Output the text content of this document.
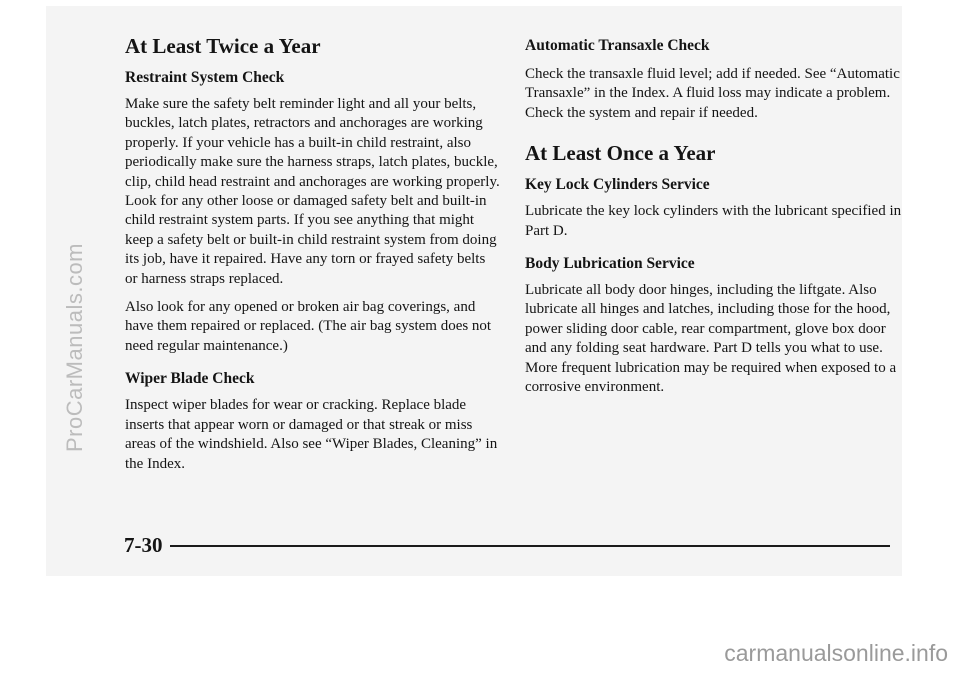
At Least Twice a Year
Restraint System Check

Make sure the safety belt reminder light and all your belts, buckles, latch plates, retractors and anchorages are working properly. If your vehicle has a built-in child restraint, also periodically make sure the harness straps, latch plates, buckle, clip, child head restraint and anchorages are working properly. Look for any other loose or damaged safety belt and built-in child restraint system parts. If you see anything that might keep a safety belt or built-in child restraint system from doing its job, have it repaired. Have any torn or frayed safety belts or harness straps replaced.

Also look for any opened or broken air bag coverings, and have them repaired or replaced. (The air bag system does not need regular maintenance.)

Wiper Blade Check

Inspect wiper blades for wear or cracking. Replace blade inserts that appear worn or damaged or that streak or miss areas of the windshield. Also see “Wiper Blades, Cleaning” in the Index.

Automatic Transaxle Check

Check the transaxle fluid level; add if needed. See “Automatic Transaxle” in the Index. A fluid loss may indicate a problem. Check the system and repair if needed.

At Least Once a Year
Key Lock Cylinders Service

Lubricate the key lock cylinders with the lubricant specified in Part D.

Body Lubrication Service

Lubricate all body door hinges, including the liftgate. Also lubricate all hinges and latches, including those for the hood, power sliding door cable, rear compartment, glove box door and any folding seat hardware. Part D tells you what to use. More frequent lubrication may be required when exposed to a corrosive environment.

7-30
ProCarManuals.com
carmanualsonline.info
